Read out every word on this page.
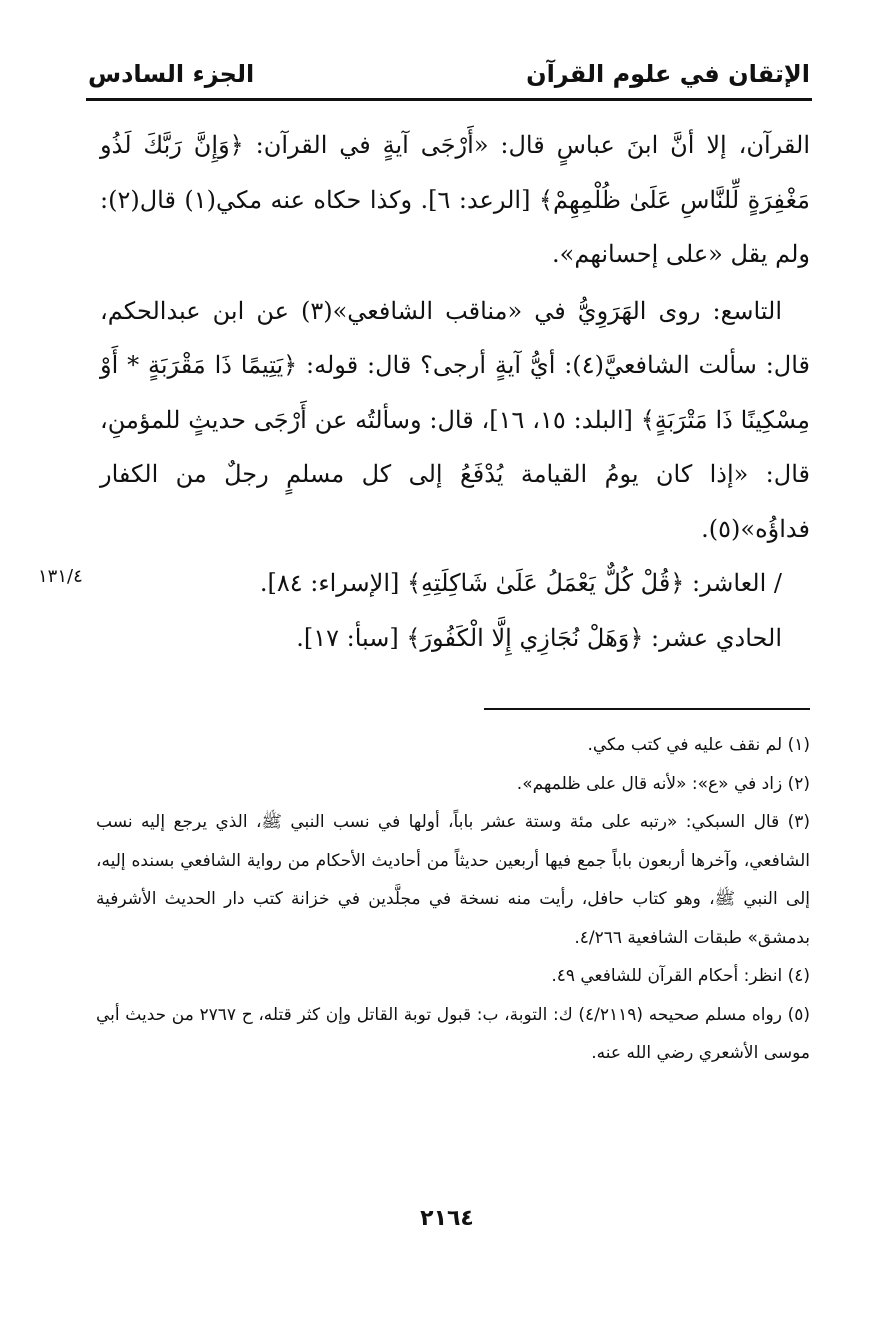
الإتقان في علوم القرآن
الجزء السادس

القرآن، إلا أنَّ ابنَ عباسٍ قال: «أَرْجَى آيةٍ في القرآن: ﴿وَإِنَّ رَبَّكَ لَذُو مَغْفِرَةٍ لِّلنَّاسِ عَلَىٰ ظُلْمِهِمْ﴾ [الرعد: ٦]. وكذا حكاه عنه مكي(١) قال(٢): ولم يقل «على إحسانهم».

التاسع: روى الهَرَوِيُّ في «مناقب الشافعي»(٣) عن ابن عبدالحكم، قال: سألت الشافعيَّ(٤): أيُّ آيةٍ أرجى؟ قال: قوله: ﴿يَتِيمًا ذَا مَقْرَبَةٍ * أَوْ مِسْكِينًا ذَا مَتْرَبَةٍ﴾ [البلد: ١٥، ١٦]، قال: وسألتُه عن أَرْجَى حديثٍ للمؤمنِ، قال: «إذا كان يومُ القيامة يُدْفَعُ إلى كل مسلمٍ رجلٌ من الكفار فداؤُه»(٥).

/ العاشر: ﴿قُلْ كُلٌّ يَعْمَلُ عَلَىٰ شَاكِلَتِهِ﴾ [الإسراء: ٨٤].

الحادي عشر: ﴿وَهَلْ نُجَازِي إِلَّا الْكَفُورَ﴾ [سبأ: ١٧].

١٣١/٤

(١) لم نقف عليه في كتب مكي.

(٢) زاد في «ع»: «لأنه قال على ظلمهم».

(٣) قال السبكي: «رتبه على مئة وستة عشر باباً، أولها في نسب النبي ﷺ، الذي يرجع إليه نسب الشافعي، وآخرها أربعون باباً جمع فيها أربعين حديثاً من أحاديث الأحكام من رواية الشافعي بسنده إليه، إلى النبي ﷺ، وهو كتاب حافل، رأيت منه نسخة في مجلَّدين في خزانة كتب دار الحديث الأشرفية بدمشق» طبقات الشافعية ٤/٢٦٦.

(٤) انظر: أحكام القرآن للشافعي ٤٩.

(٥) رواه مسلم صحيحه (٤/٢١١٩) ك: التوبة، ب: قبول توبة القاتل وإن كثر قتله، ح ٢٧٦٧ من حديث أبي موسى الأشعري رضي الله عنه.

٢١٦٤
